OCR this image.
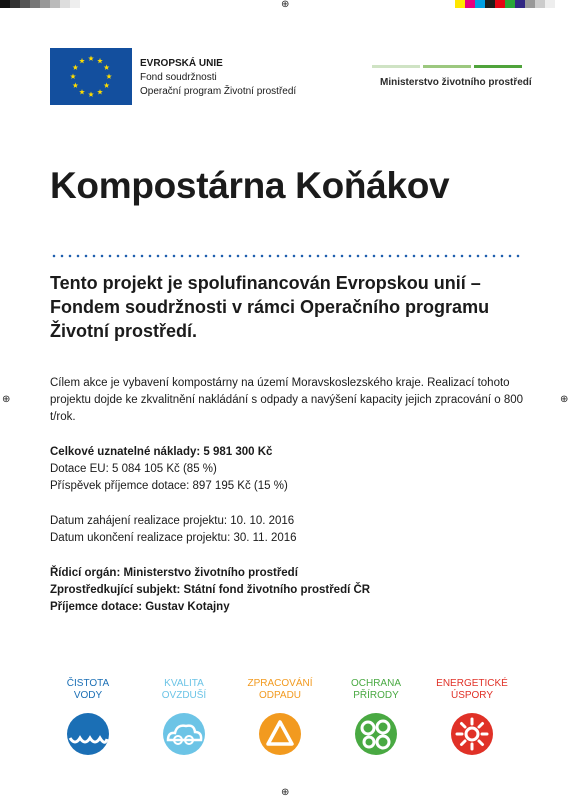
⊕
⊕	⊕
⊕
EVROPSKÁ UNIE
Fond soudržnosti
Operační program Životní prostředí
Ministerstvo životního prostředí
Kompostárna Koňákov
Tento projekt je spolufinancován Evropskou unií – Fondem soudržnosti v rámci Operačního programu Životní prostředí.
Cílem akce je vybavení kompostárny na území Moravskoslezského kraje. Realizací tohoto projektu dojde ke zkvalitnění nakládání s odpady a navýšení kapacity jejich zpracování o 800 t/rok.
Celkové uznatelné náklady: 5 981 300 Kč
Dotace EU: 5 084 105 Kč (85 %)
Příspěvek příjemce dotace: 897 195 Kč (15 %)
Datum zahájení realizace projektu: 10. 10. 2016
Datum ukončení realizace projektu: 30. 11. 2016
Řídicí orgán: Ministerstvo životního prostředí
Zprostředkující subjekt: Státní fond životního prostředí ČR
Příjemce dotace: Gustav Kotajny
ČISTOTA
VODY
KVALITA
OVZDUŠÍ
ZPRACOVÁNÍ
ODPADU
OCHRANA
PŘÍRODY
ENERGETICKÉ
ÚSPORY
